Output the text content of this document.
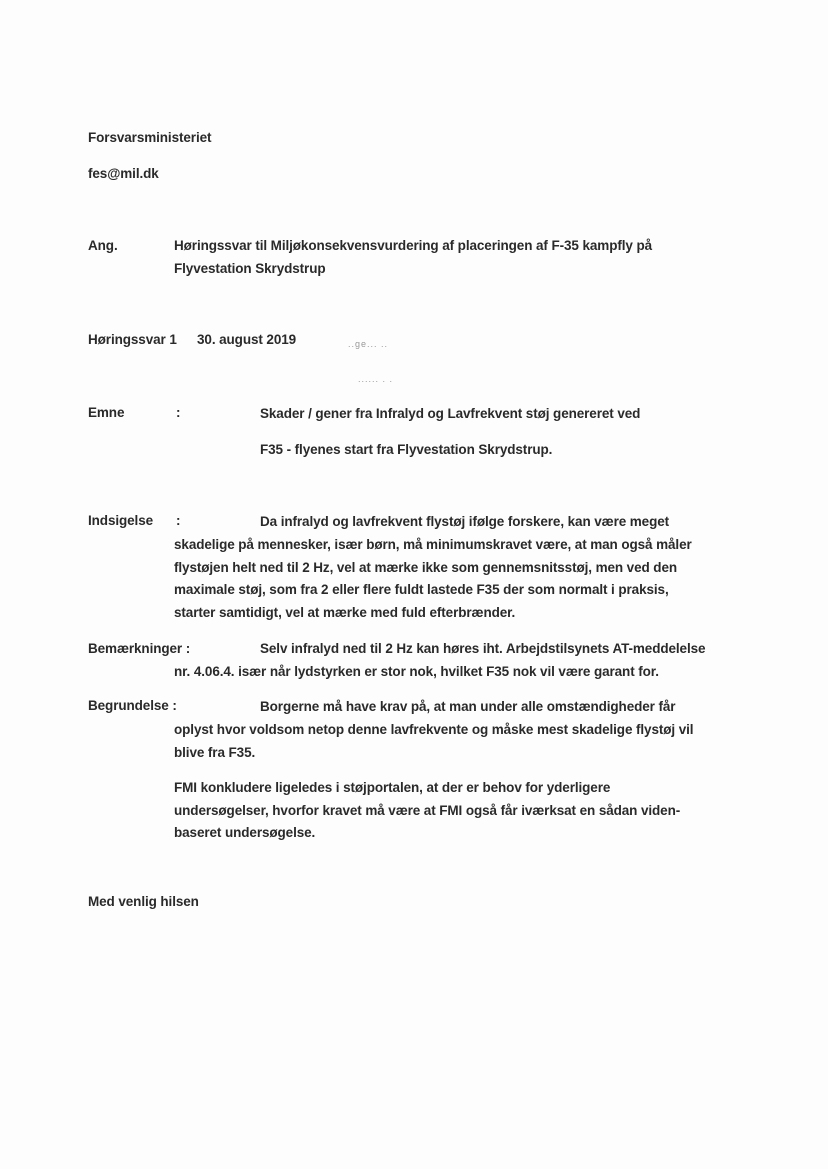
Forsvarsministeriet
fes@mil.dk
Ang.	Høringssvar til Miljøkonsekvensvurdering af placeringen af F-35 kampfly på
Flyvestation Skrydstrup
Høringssvar 1 30. august 2019	..ge... ..
...... . .
Emne	:	Skader / gener fra Infralyd og Lavfrekvent støj genereret ved
F35 - flyenes start fra Flyvestation Skrydstrup.
Indsigelse :	Da infralyd og lavfrekvent flystøj ifølge forskere, kan være meget
skadelige på mennesker, især børn, må minimumskravet være, at man også måler
flystøjen helt ned til 2 Hz, vel at mærke ikke som gennemsnitsstøj, men ved den
maximale støj, som fra 2 eller flere fuldt lastede F35 der som normalt i praksis,
starter samtidigt, vel at mærke med fuld efterbrænder.
Bemærkninger :	Selv infralyd ned til 2 Hz kan høres iht. Arbejdstilsynets AT-meddelelse
nr. 4.06.4. især når lydstyrken er stor nok, hvilket F35 nok vil være garant for.
Begrundelse :	Borgerne må have krav på, at man under alle omstændigheder får
oplyst hvor voldsom netop denne lavfrekvente og måske mest skadelige flystøj vil
blive fra F35.
FMI konkludere ligeledes i støjportalen, at der er behov for yderligere
undersøgelser, hvorfor kravet må være at FMI også får iværksat en sådan viden-
baseret undersøgelse.
Med venlig hilsen
